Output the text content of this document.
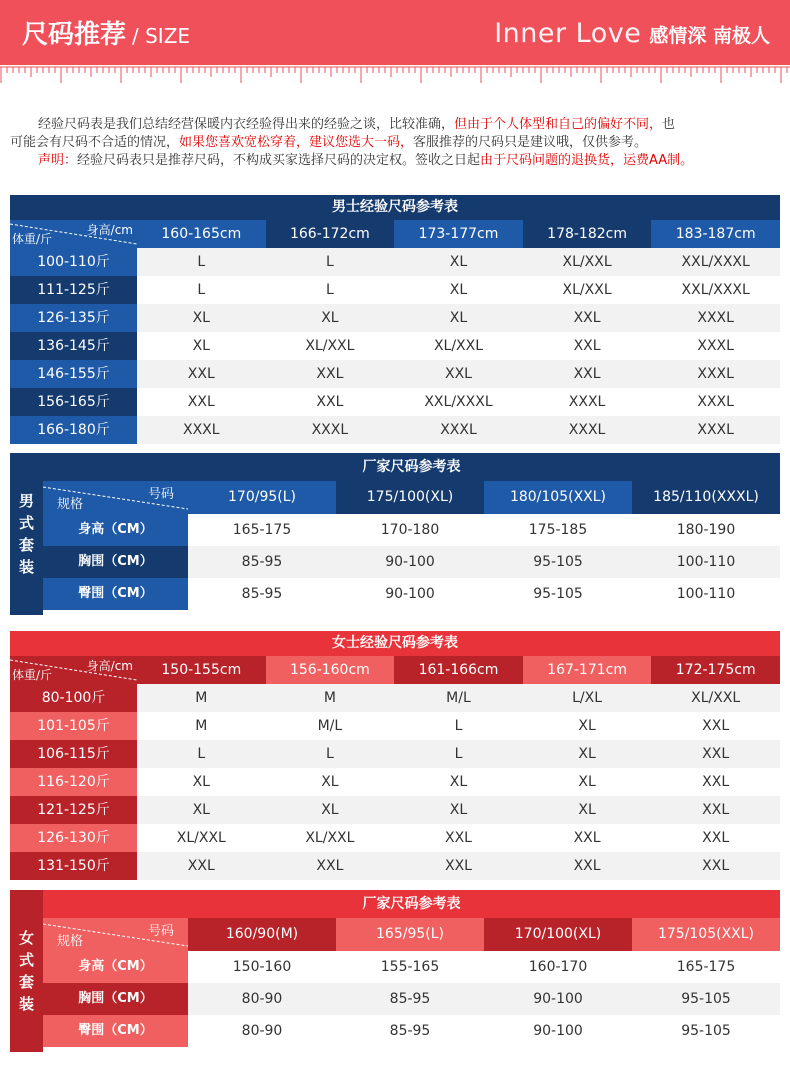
尺码推荐 / SIZE	Inner Love 感情深 南极人
经验尺码表是我们总结经营保暖内衣经验得出来的经验之谈，比较准确，但由于个人体型和自己的偏好不同，也
可能会有尺码不合适的情况，如果您喜欢宽松穿着，建议您选大一码，客服推荐的尺码只是建议哦，仅供参考。
声明：经验尺码表只是推荐尺码，不构成买家选择尺码的决定权。签收之日起由于尺码问题的退换货，运费AA制。
男士经验尺码参考表
身高/cm
体重/斤	160-165cm	166-172cm	173-177cm	178-182cm	183-187cm
100-110斤	L	L	XL	XL/XXL	XXL/XXXL
111-125斤	L	L	XL	XL/XXL	XXL/XXXL
126-135斤	XL	XL	XL	XXL	XXXL
136-145斤	XL	XL/XXL	XL/XXL	XXL	XXXL
146-155斤	XXL	XXL	XXL	XXL	XXXL
156-165斤	XXL	XXL	XXL/XXXL	XXXL	XXXL
166-180斤	XXXL	XXXL	XXXL	XXXL	XXXL
男
式
套
装
厂家尺码参考表
号码
规格	170/95(L)	175/100(XL)	180/105(XXL)	185/110(XXXL)
身高（CM）	165-175	170-180	175-185	180-190
胸围（CM）	85-95	90-100	95-105	100-110
臀围（CM）	85-95	90-100	95-105	100-110
女士经验尺码参考表
身高/cm
体重/斤	150-155cm	156-160cm	161-166cm	167-171cm	172-175cm
80-100斤	M	M	M/L	L/XL	XL/XXL
101-105斤	M	M/L	L	XL	XXL
106-115斤	L	L	L	XL	XXL
116-120斤	XL	XL	XL	XL	XXL
121-125斤	XL	XL	XL	XL	XXL
126-130斤	XL/XXL	XL/XXL	XXL	XXL	XXL
131-150斤	XXL	XXL	XXL	XXL	XXL
女
式
套
装
厂家尺码参考表
号码
规格	160/90(M)	165/95(L)	170/100(XL)	175/105(XXL)
身高（CM）	150-160	155-165	160-170	165-175
胸围（CM）	80-90	85-95	90-100	95-105
臀围（CM）	80-90	85-95	90-100	95-105
